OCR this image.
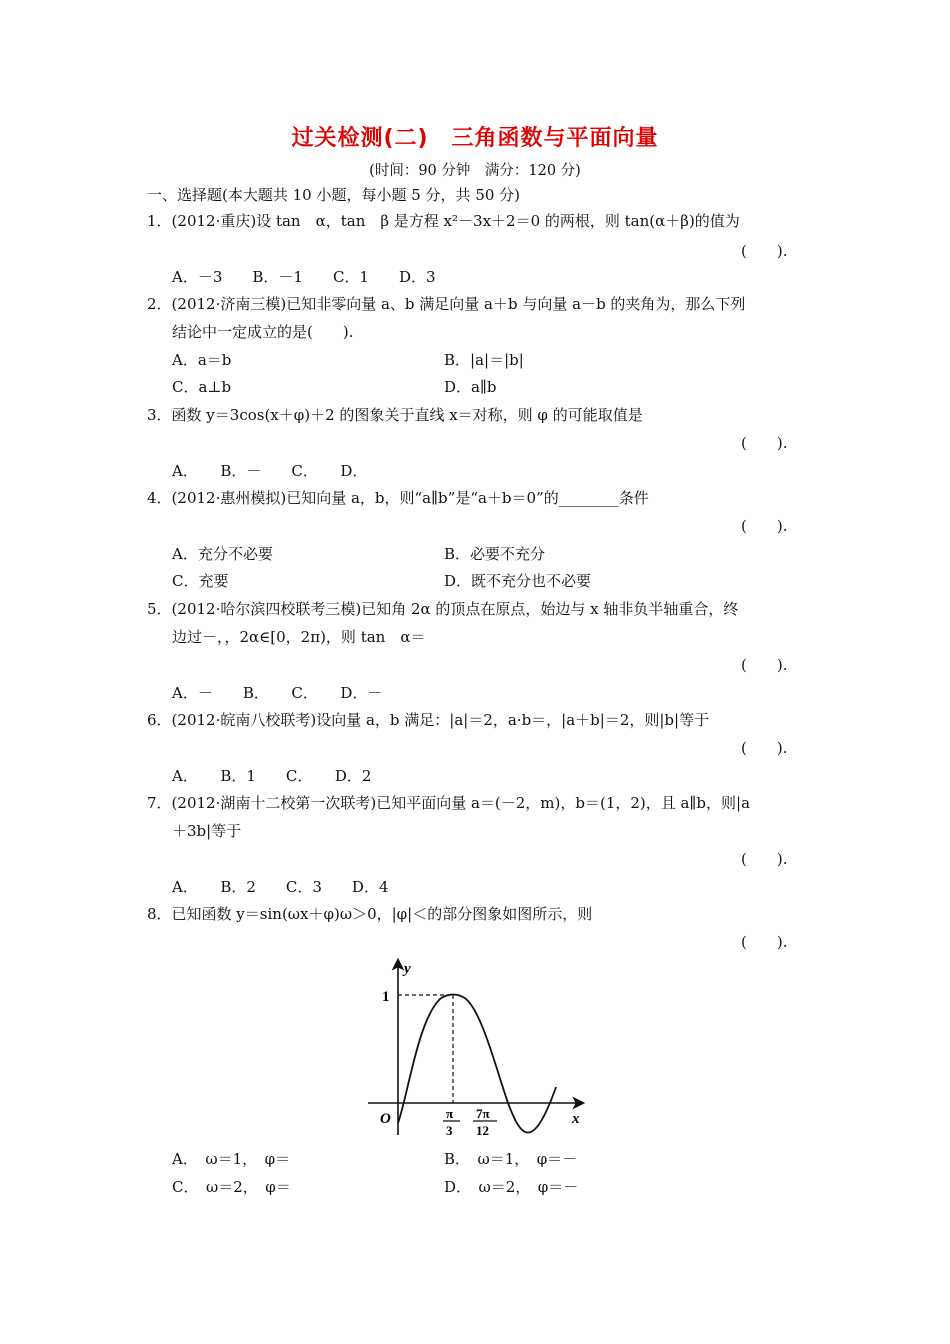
过关检测(二)　三角函数与平面向量
(时间：90 分钟　满分：120 分)
一、选择题(本大题共 10 小题，每小题 5 分，共 50 分)
1．(2012·重庆)设 tan　α，tan　β 是方程 x²－3x＋2＝0 的两根，则 tan(α＋β)的值为
(　　).
A．－3　　B．－1　　C．1　　D．3
2．(2012·济南三模)已知非零向量 a、b 满足向量 a＋b 与向量 a－b 的夹角为，那么下列
结论中一定成立的是(　　).
A．a＝b	B．|a|＝|b|
C．a⊥b	D．a∥b
3．函数 y＝3cos(x＋φ)＋2 的图象关于直线 x＝对称，则 φ 的可能取值是
(　　).
A．　　B．－　　C．　　D．
4．(2012·惠州模拟)已知向量 a，b，则“a∥b”是“a＋b＝0”的________条件
(　　).
A．充分不必要	B．必要不充分
C．充要	D．既不充分也不必要
5．(2012·哈尔滨四校联考三模)已知角 2α 的顶点在原点，始边与 x 轴非负半轴重合，终
边过－，，2α∈[0，2π)，则 tan　α＝
(　　).
A．－　　B．　　C．　　D．－
6．(2012·皖南八校联考)设向量 a，b 满足：|a|＝2，a·b＝，|a＋b|＝2，则|b|等于
(　　).
A．　　B．1　　C．　　D．2
7．(2012·湖南十二校第一次联考)已知平面向量 a＝(－2，m)，b＝(1，2)，且 a∥b，则|a
＋3b|等于
(　　).
A．　　B．2　　C．3　　D．4
8．已知函数 y＝sin(ωx＋φ)ω＞0，|φ|＜的部分图象如图所示，则
(　　).
y
x
O
1
π
3
7π
12
A．　ω＝1，　φ＝	B．　ω＝1，　φ＝－
C．　ω＝2，　φ＝	D．　ω＝2，　φ＝－
